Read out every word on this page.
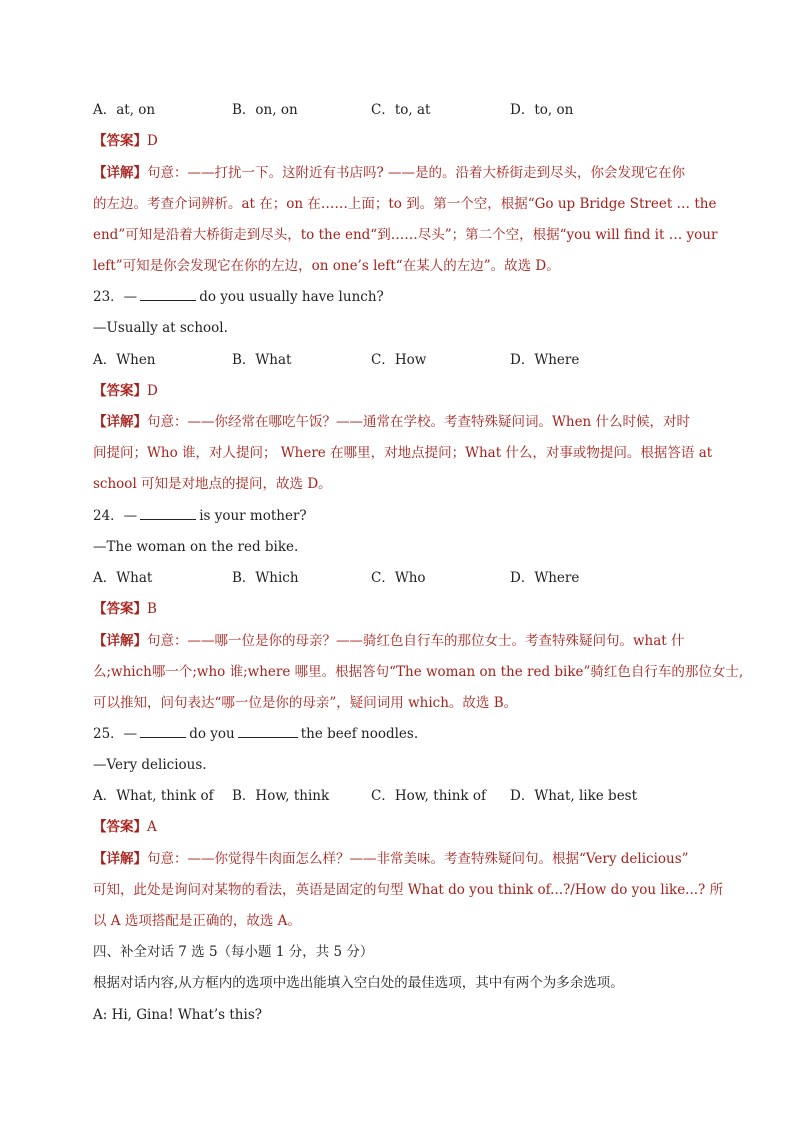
A．at, on	B．on, on	C．to, at	D．to, on
【答案】D
【详解】句意：——打扰一下。这附近有书店吗? ——是的。沿着大桥街走到尽头，你会发现它在你
的左边。考查介词辨析。at 在；on 在……上面；to 到。第一个空，根据“Go up Bridge Street … the
end”可知是沿着大桥街走到尽头，to the end“到……尽头”；第二个空，根据“you will find it … your
left”可知是你会发现它在你的左边，on one’s left“在某人的左边”。故选 D。
23．—	do you usually have lunch?
—Usually at school.
A．When	B．What	C．How	D．Where
【答案】D
【详解】句意：——你经常在哪吃午饭？——通常在学校。考查特殊疑问词。When 什么时候，对时
间提问；Who 谁，对人提问； Where 在哪里，对地点提问；What 什么，对事或物提问。根据答语 at
school 可知是对地点的提问，故选 D。
24．—	is your mother?
—The woman on the red bike.
A．What	B．Which	C．Who	D．Where
【答案】B
【详解】句意：——哪一位是你的母亲？——骑红色自行车的那位女士。考查特殊疑问句。what 什
么;which哪一个;who 谁;where 哪里。根据答句“The woman on the red bike”骑红色自行车的那位女士,
可以推知，问句表达“哪一位是你的母亲”，疑问词用 which。故选 B。
25．—	do you	the beef noodles.
—Very delicious.
A．What, think of B．How, think	C．How, think of D．What, like best
【答案】A
【详解】句意：——你觉得牛肉面怎么样？——非常美味。考查特殊疑问句。根据“Very delicious”
可知，此处是询问对某物的看法，英语是固定的句型 What do you think of...?/How do you like...? 所
以 A 选项搭配是正确的，故选 A。
四、补全对话 7 选 5（每小题 1 分，共 5 分）
根据对话内容,从方框内的选项中选出能填入空白处的最佳选项，其中有两个为多余选项。
A: Hi, Gina! What’s this?
